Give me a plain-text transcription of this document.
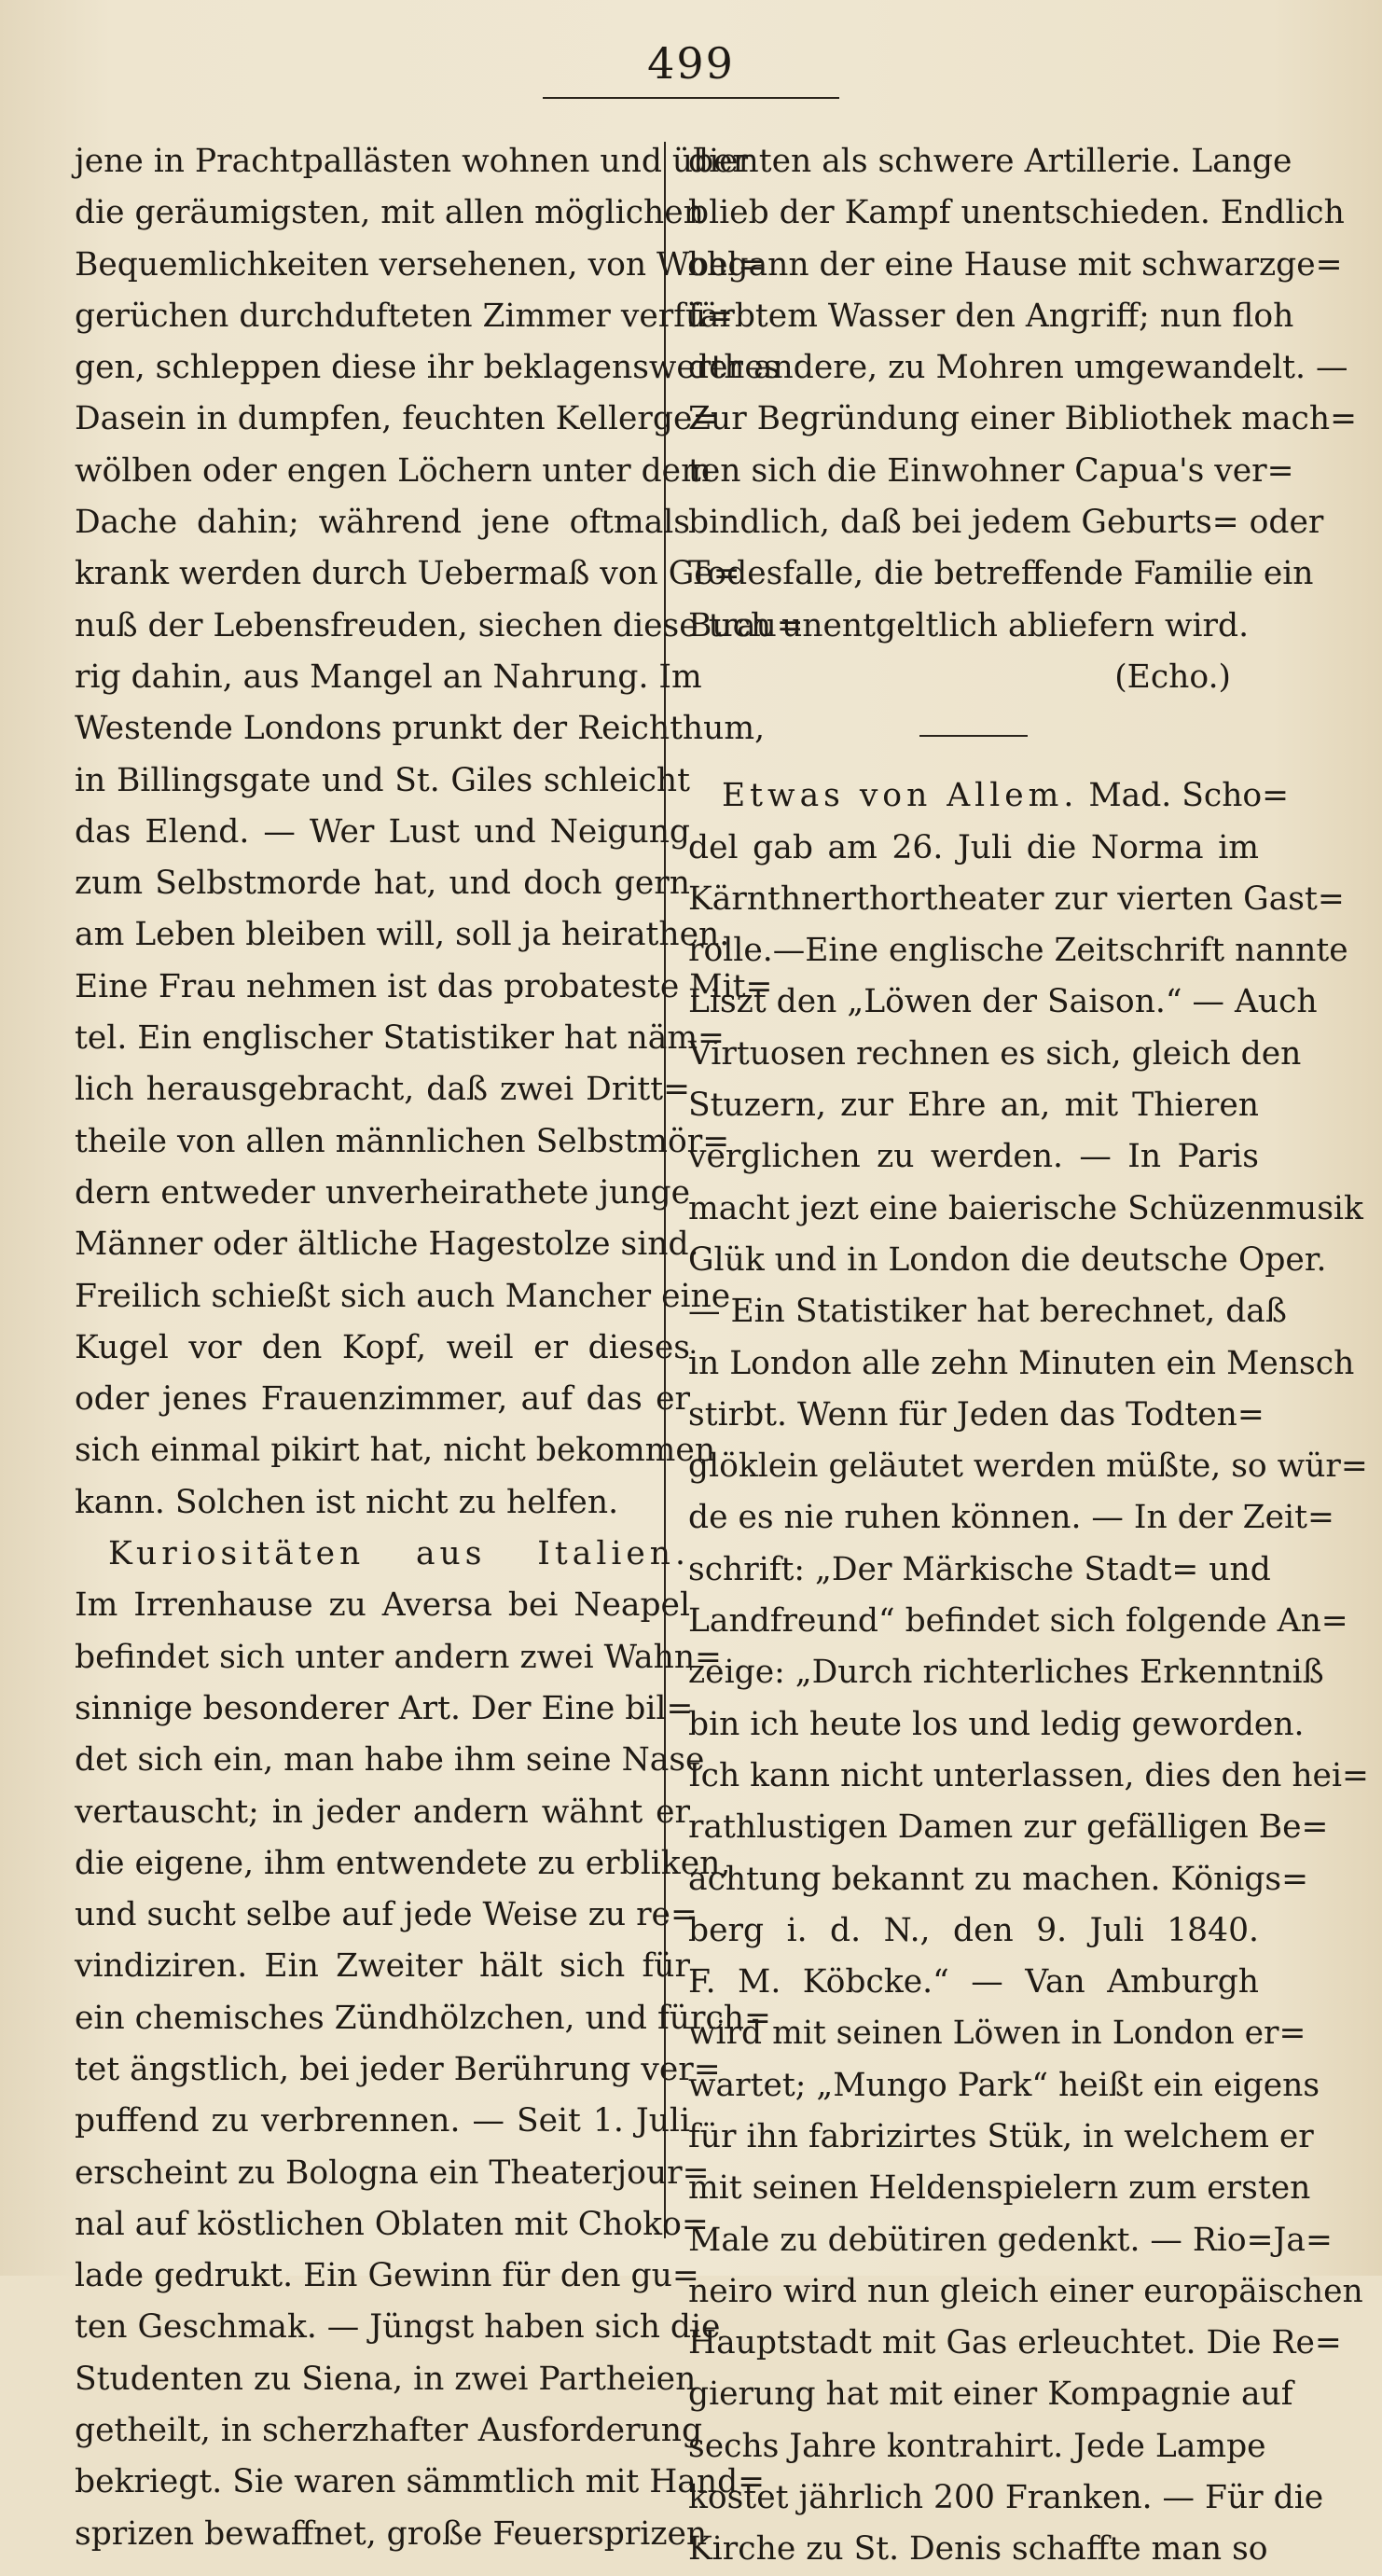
499
jene in Prachtpallästen wohnen und über
die geräumigsten, mit allen möglichen
Bequemlichkeiten versehenen, von Wohl=
gerüchen durchdufteten Zimmer verfü=
gen, schleppen diese ihr beklagenswerthes
Dasein in dumpfen, feuchten Kellerge=
wölben oder engen Löchern unter dem
Dache dahin; während jene oftmals
krank werden durch Uebermaß von Ge=
nuß der Lebensfreuden, siechen diese trau=
rig dahin, aus Mangel an Nahrung. Im
Westende Londons prunkt der Reichthum,
in Billingsgate und St. Giles schleicht
das Elend. — Wer Lust und Neigung
zum Selbstmorde hat, und doch gern
am Leben bleiben will, soll ja heirathen.
Eine Frau nehmen ist das probateste Mit=
tel. Ein englischer Statistiker hat näm=
lich herausgebracht, daß zwei Dritt=
theile von allen männlichen Selbstmör=
dern entweder unverheirathete junge
Männer oder ältliche Hagestolze sind.
Freilich schießt sich auch Mancher eine
Kugel vor den Kopf, weil er dieses
oder jenes Frauenzimmer, auf das er
sich einmal pikirt hat, nicht bekommen
kann. Solchen ist nicht zu helfen.
Kuriositäten aus Italien.
Im Irrenhause zu Aversa bei Neapel
befindet sich unter andern zwei Wahn=
sinnige besonderer Art. Der Eine bil=
det sich ein, man habe ihm seine Nase
vertauscht; in jeder andern wähnt er
die eigene, ihm entwendete zu erbliken,
und sucht selbe auf jede Weise zu re=
vindiziren. Ein Zweiter hält sich für
ein chemisches Zündhölzchen, und fürch=
tet ängstlich, bei jeder Berührung ver=
puffend zu verbrennen. — Seit 1. Juli
erscheint zu Bologna ein Theaterjour=
nal auf köstlichen Oblaten mit Choko=
lade gedrukt. Ein Gewinn für den gu=
ten Geschmak. — Jüngst haben sich die
Studenten zu Siena, in zwei Partheien
getheilt, in scherzhafter Ausforderung
bekriegt. Sie waren sämmtlich mit Hand=
sprizen bewaffnet, große Feuersprizen
dienten als schwere Artillerie. Lange
blieb der Kampf unentschieden. Endlich
begann der eine Hause mit schwarzge=
färbtem Wasser den Angriff; nun floh
der andere, zu Mohren umgewandelt. —
Zur Begründung einer Bibliothek mach=
ten sich die Einwohner Capua's ver=
bindlich, daß bei jedem Geburts= oder
Todesfalle, die betreffende Familie ein
Buch unentgeltlich abliefern wird.
(Echo.)
Etwas von Allem. Mad. Scho=
del gab am 26. Juli die Norma im
Kärnthnerthortheater zur vierten Gast=
rolle.—Eine englische Zeitschrift nannte
Liszt den „Löwen der Saison.“ — Auch
Virtuosen rechnen es sich, gleich den
Stuzern, zur Ehre an, mit Thieren
verglichen zu werden. — In Paris
macht jezt eine baierische Schüzenmusik
Glük und in London die deutsche Oper.
— Ein Statistiker hat berechnet, daß
in London alle zehn Minuten ein Mensch
stirbt. Wenn für Jeden das Todten=
glöklein geläutet werden müßte, so wür=
de es nie ruhen können. — In der Zeit=
schrift: „Der Märkische Stadt= und
Landfreund“ befindet sich folgende An=
zeige: „Durch richterliches Erkenntniß
bin ich heute los und ledig geworden.
Ich kann nicht unterlassen, dies den hei=
rathlustigen Damen zur gefälligen Be=
achtung bekannt zu machen. Königs=
berg i. d. N., den 9. Juli 1840.
F. M. Köbcke.“ — Van Amburgh
wird mit seinen Löwen in London er=
wartet; „Mungo Park“ heißt ein eigens
für ihn fabrizirtes Stük, in welchem er
mit seinen Heldenspielern zum ersten
Male zu debütiren gedenkt. — Rio=Ja=
neiro wird nun gleich einer europäischen
Hauptstadt mit Gas erleuchtet. Die Re=
gierung hat mit einer Kompagnie auf
sechs Jahre kontrahirt. Jede Lampe
kostet jährlich 200 Franken. — Für die
Kirche zu St. Denis schaffte man so
